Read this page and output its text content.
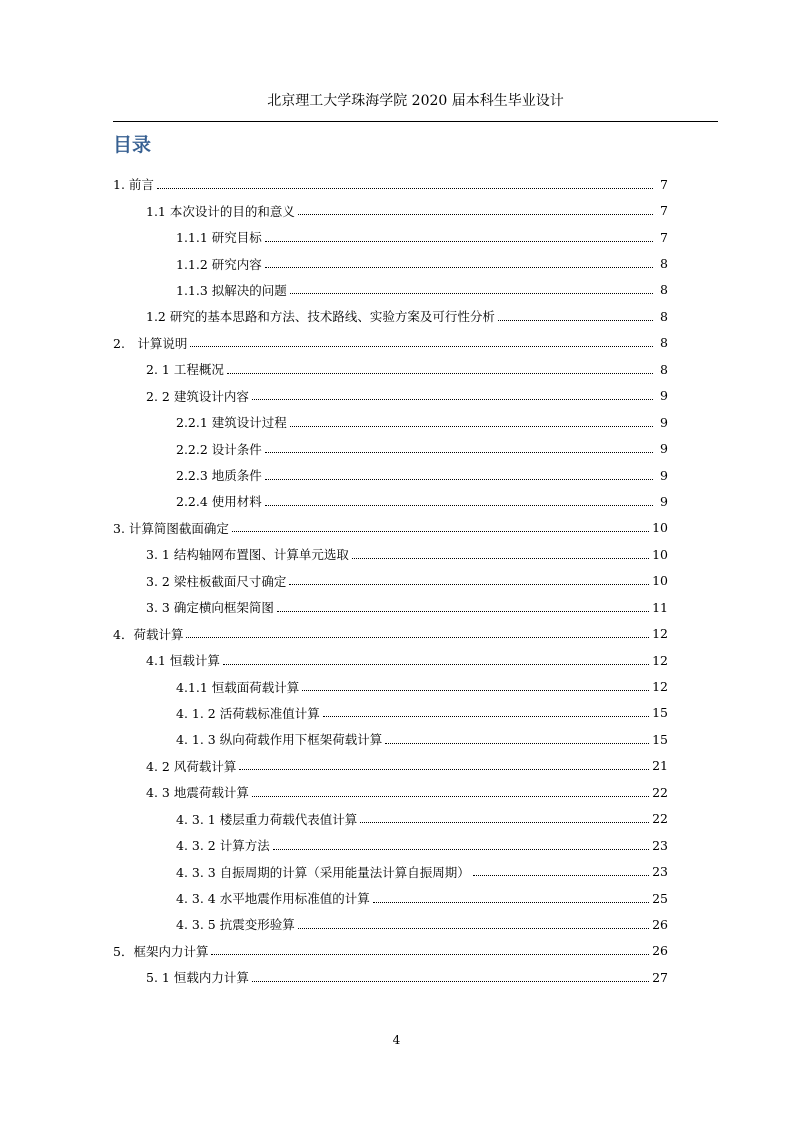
北京理工大学珠海学院 2020 届本科生毕业设计
目录
1. 前言	7
1.1 本次设计的目的和意义	7
1.1.1 研究目标	7
1.1.2 研究内容	8
1.1.3 拟解决的问题	8
1.2 研究的基本思路和方法、技术路线、实验方案及可行性分析	8
2.　计算说明	8
2. 1 工程概况	8
2. 2 建筑设计内容	9
2.2.1 建筑设计过程	9
2.2.2 设计条件	9
2.2.3 地质条件	9
2.2.4 使用材料	9
3. 计算简图截面确定	10
3. 1 结构轴网布置图、计算单元选取	10
3. 2 梁柱板截面尺寸确定	10
3. 3 确定横向框架简图	11
4．荷载计算	12
4.1 恒载计算	12
4.1.1 恒载面荷载计算	12
4. 1. 2 活荷载标准值计算	15
4. 1. 3 纵向荷载作用下框架荷载计算	15
4. 2 风荷载计算	21
4. 3 地震荷载计算	22
4. 3. 1 楼层重力荷载代表值计算	22
4. 3. 2 计算方法	23
4. 3. 3 自振周期的计算（采用能量法计算自振周期）	23
4. 3. 4 水平地震作用标准值的计算	25
4. 3. 5 抗震变形验算	26
5．框架内力计算	26
5. 1 恒载内力计算	27
4
